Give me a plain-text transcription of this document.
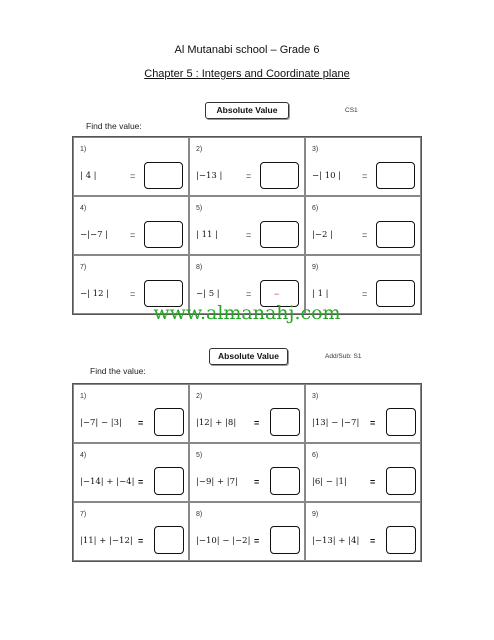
Al Mutanabi school – Grade 6
Chapter 5 : Integers and Coordinate plane
Absolute Value	CS1
Find the value:
1)
| 4 |	=
2)
|−13 |	=
3)
−| 10 | =
4)
−|−7 | =
5)
| 11 |	=
6)
|−2 |	=
7)
−| 12 | =
8)
−| 5 |	=	−
9)
| 1 |	=
www.almanahj.com
Absolute Value	Add/Sub: S1
Find the value:
1)
|−7| − |3| =
2)
|12| + |8| =
3)
|13| − |−7| =
4)
|−14| + |−4| =
5)
|−9| + |7| =
6)
|6| − |1|	=
7)
|11| + |−12| =
8)
|−10| − |−2| =
9)
|−13| + |4| =
